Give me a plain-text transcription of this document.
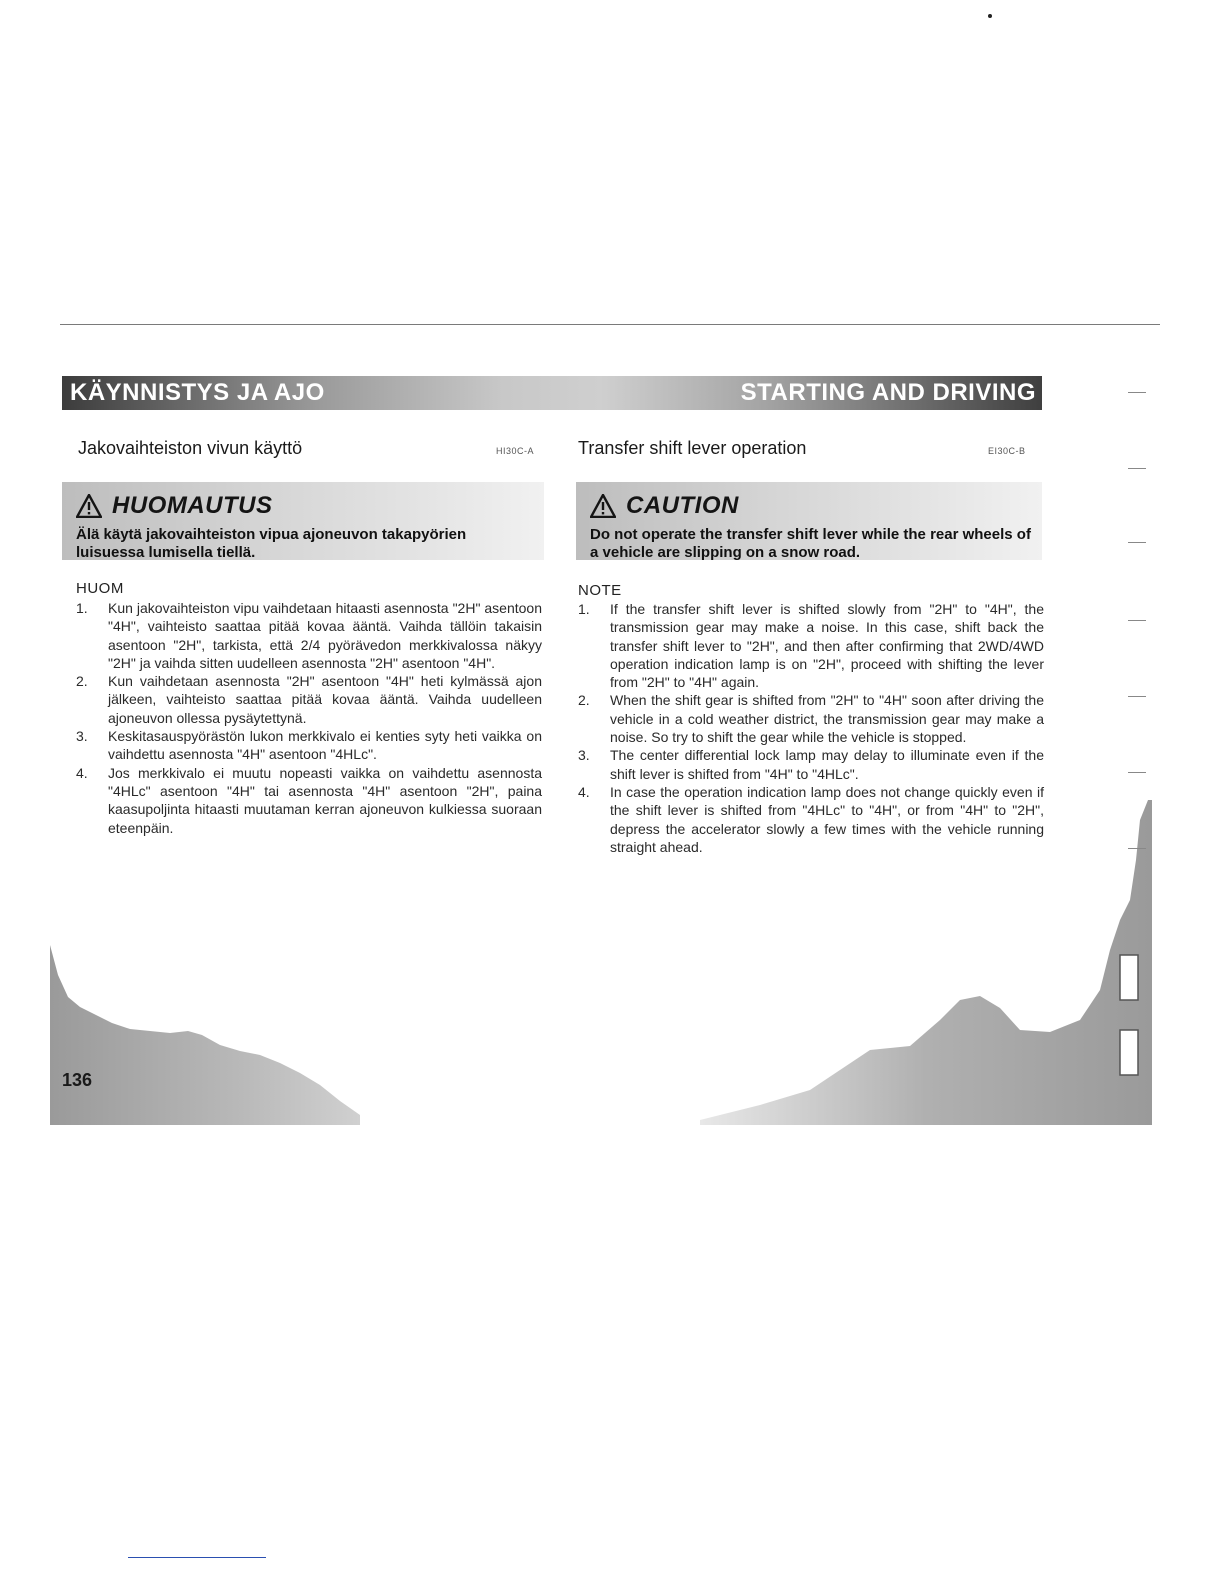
KÄYNNISTYS JA AJO	STARTING AND DRIVING
Jakovaihteiston vivun käyttö	HI30C-A
HUOMAUTUS
Älä käytä jakovaihteiston vipua ajoneuvon takapyörien luisuessa lumisella tiellä.
HUOM
1.	Kun jakovaihteiston vipu vaihdetaan hitaasti asennosta "2H" asentoon "4H", vaihteisto saattaa pitää kovaa ääntä. Vaihda tällöin takaisin asentoon "2H", tarkista, että 2/4 pyörävedon merkkivalossa näkyy "2H" ja vaihda sitten uudelleen asennosta "2H" asentoon "4H".
2.	Kun vaihdetaan asennosta "2H" asentoon "4H" heti kylmässä ajon jälkeen, vaihteisto saattaa pitää kovaa ääntä. Vaihda uudelleen ajoneuvon ollessa pysäytettynä.
3.	Keskitasauspyörästön lukon merkkivalo ei kenties syty heti vaikka on vaihdettu asennosta "4H" asentoon "4HLc".
4.	Jos merkkivalo ei muutu nopeasti vaikka on vaihdettu asennosta "4HLc" asentoon "4H" tai asennosta "4H" asentoon "2H", paina kaasupoljinta hitaasti muutaman kerran ajoneuvon kulkiessa suoraan eteenpäin.
Transfer shift lever operation	EI30C-B
CAUTION
Do not operate the transfer shift lever while the rear wheels of a vehicle are slipping on a snow road.
NOTE
1.	If the transfer shift lever is shifted slowly from "2H" to "4H", the transmission gear may make a noise. In this case, shift back the transfer shift lever to "2H", and then after confirming that 2WD/4WD operation indication lamp is on "2H", proceed with shifting the lever from "2H" to "4H" again.
2.	When the shift gear is shifted from "2H" to "4H" soon after driving the vehicle in a cold weather district, the transmission gear may make a noise. So try to shift the gear while the vehicle is stopped.
3.	The center differential lock lamp may delay to illuminate even if the shift lever is shifted from "4H" to "4HLc".
4.	In case the operation indication lamp does not change quickly even if the shift lever is shifted from "4HLc" to "4H", or from "4H" to "2H", depress the accelerator slowly a few times with the vehicle running straight ahead.
136
